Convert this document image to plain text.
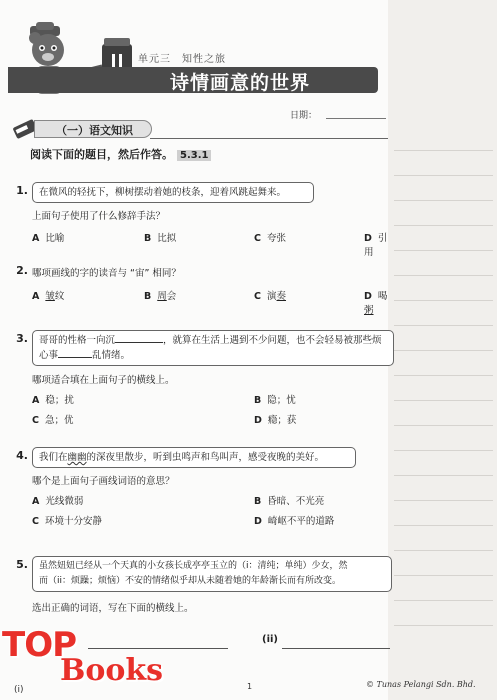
单元三　知性之旅
诗情画意的世界
日期：
（一）语文知识
阅读下面的题目，然后作答。 5.3.1
1.	在微风的轻抚下，柳树摆动着她的枝条，迎着风跳起舞来。
上面句子使用了什么修辞手法？
A 比喻	B 比拟	C 夸张	D 引用
2. 哪项画线的字的读音与 “宙” 相同？
A 皱纹	B 周会	C 演奏	D 喝粥
3. 哥哥的性格一向沉	，就算在生活上遇到不少问题，也不会轻易被那些烦
心事	乱情绪。
哪项适合填在上面句子的横线上。
A 稳；扰	B 隐；忧
C 急；优	D 瘾；获
4.	我们在幽幽的深夜里散步，听到虫鸣声和鸟叫声，感受夜晚的美好。
哪个是上面句子画线词语的意思？
A 光线微弱	B 昏暗、不光亮
C 环境十分安静	D 崎岖不平的道路
5. 虽然妞妞已经从一个天真的小女孩长成亭亭玉立的（i：清纯；单纯）少女，然
而（ii：烦躁；烦恼）不安的情绪似乎却从未随着她的年龄渐长而有所改变。
选出正确的词语，写在下面的横线上。
(ii)
1	© Tunas Pelangi Sdn. Bhd.
TOP
Books
(i)
